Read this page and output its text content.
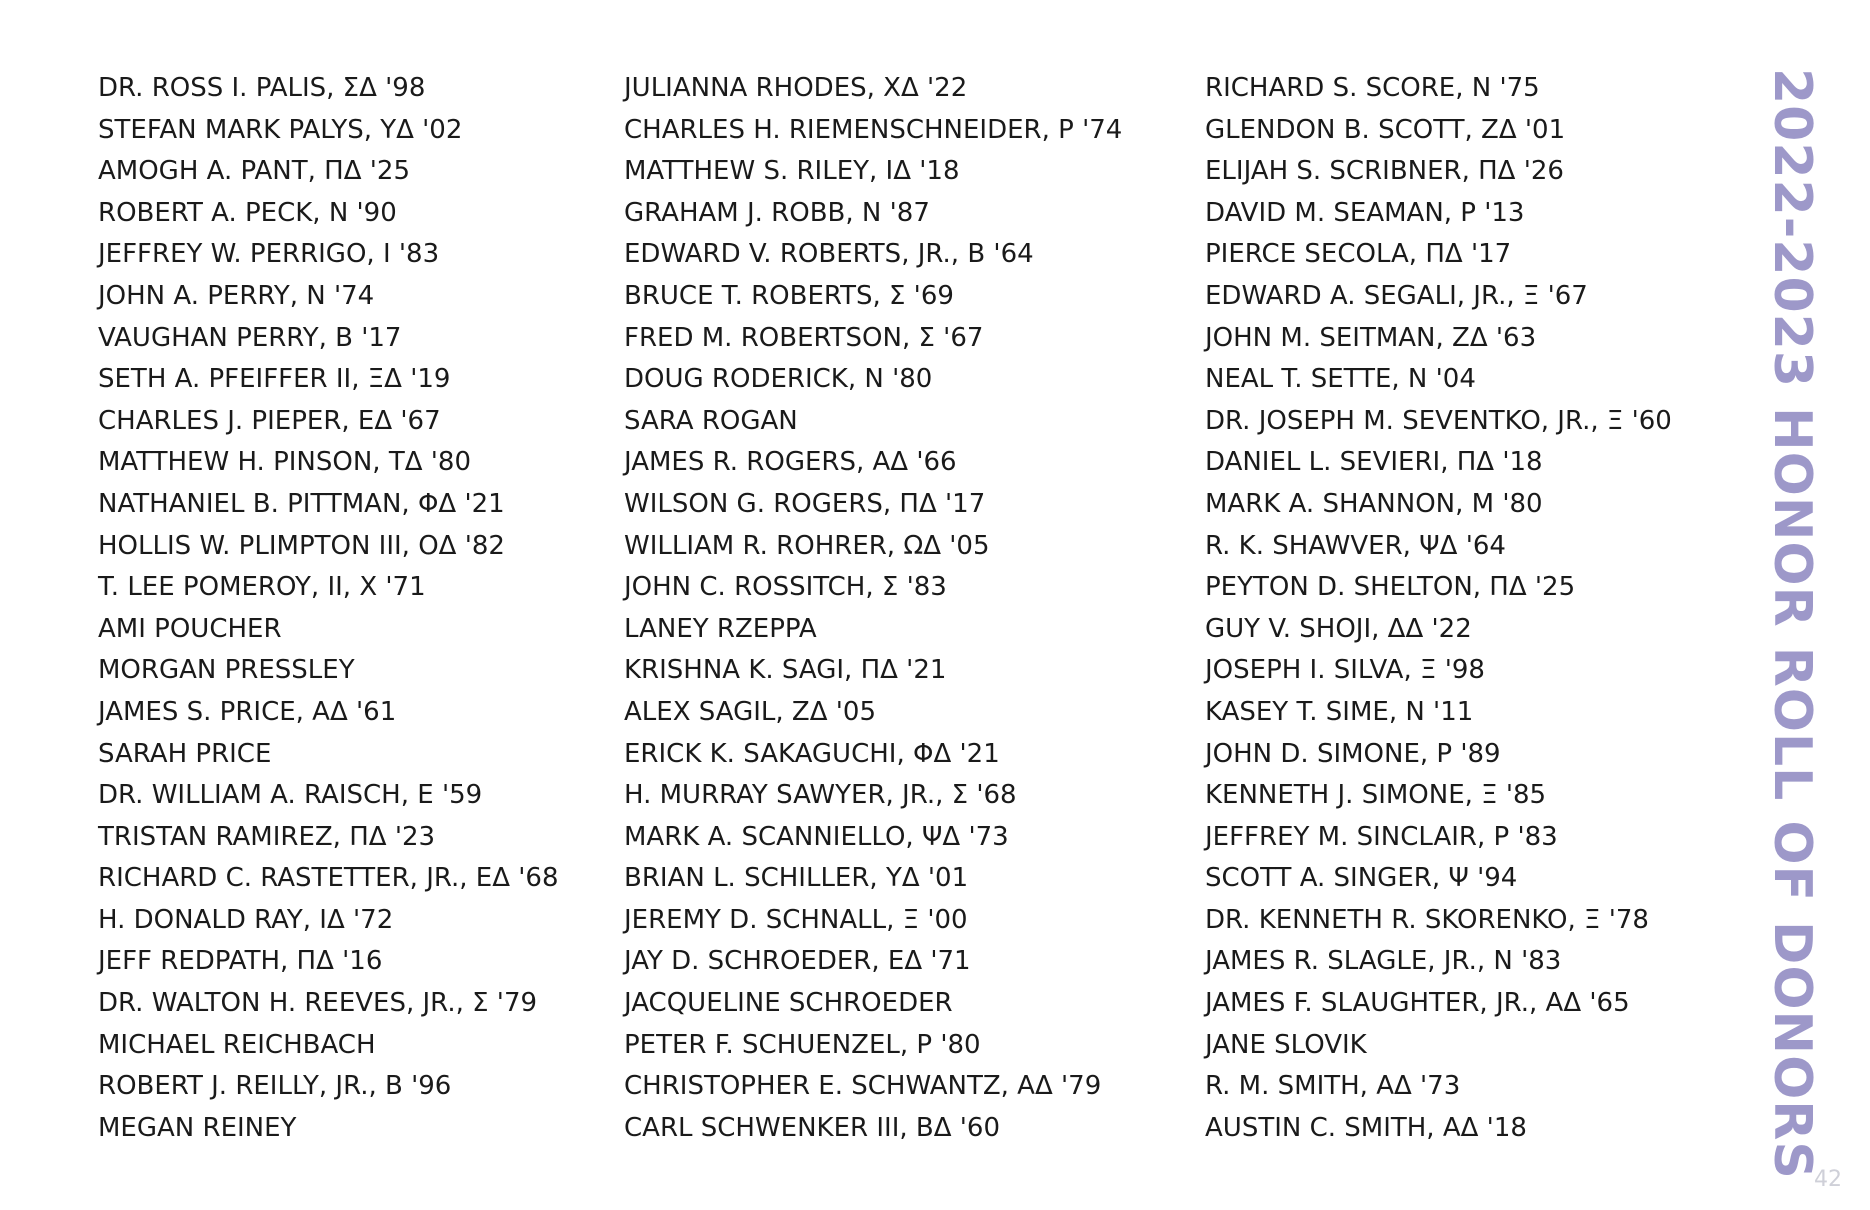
DR. ROSS I. PALIS, ΣΔ '98
STEFAN MARK PALYS, ΥΔ '02
AMOGH A. PANT, ΠΔ '25
ROBERT A. PECK, N '90
JEFFREY W. PERRIGO, I '83
JOHN A. PERRY, N '74
VAUGHAN PERRY, B '17
SETH A. PFEIFFER II, ΞΔ '19
CHARLES J. PIEPER, ΕΔ '67
MATTHEW H. PINSON, ΤΔ '80
NATHANIEL B. PITTMAN, ΦΔ '21
HOLLIS W. PLIMPTON III, ΟΔ '82
T. LEE POMEROY, II, X '71
AMI POUCHER
MORGAN PRESSLEY
JAMES S. PRICE, ΑΔ '61
SARAH PRICE
DR. WILLIAM A. RAISCH, E '59
TRISTAN RAMIREZ, ΠΔ '23
RICHARD C. RASTETTER, JR., ΕΔ '68
H. DONALD RAY, ΙΔ '72
JEFF REDPATH, ΠΔ '16
DR. WALTON H. REEVES, JR., Σ '79
MICHAEL REICHBACH
ROBERT J. REILLY, JR., B '96
MEGAN REINEY
JULIANNA RHODES, ΧΔ '22
CHARLES H. RIEMENSCHNEIDER, P '74
MATTHEW S. RILEY, ΙΔ '18
GRAHAM J. ROBB, N '87
EDWARD V. ROBERTS, JR., B '64
BRUCE T. ROBERTS, Σ '69
FRED M. ROBERTSON, Σ '67
DOUG RODERICK, N '80
SARA ROGAN
JAMES R. ROGERS, ΑΔ '66
WILSON G. ROGERS, ΠΔ '17
WILLIAM R. ROHRER, ΩΔ '05
JOHN C. ROSSITCH, Σ '83
LANEY RZEPPA
KRISHNA K. SAGI, ΠΔ '21
ALEX SAGIL, ΖΔ '05
ERICK K. SAKAGUCHI, ΦΔ '21
H. MURRAY SAWYER, JR., Σ '68
MARK A. SCANNIELLO, ΨΔ '73
BRIAN L. SCHILLER, ΥΔ '01
JEREMY D. SCHNALL, Ξ '00
JAY D. SCHROEDER, ΕΔ '71
JACQUELINE SCHROEDER
PETER F. SCHUENZEL, P '80
CHRISTOPHER E. SCHWANTZ, ΑΔ '79
CARL SCHWENKER III, ΒΔ '60
RICHARD S. SCORE, N '75
GLENDON B. SCOTT, ΖΔ '01
ELIJAH S. SCRIBNER, ΠΔ '26
DAVID M. SEAMAN, P '13
PIERCE SECOLA, ΠΔ '17
EDWARD A. SEGALI, JR., Ξ '67
JOHN M. SEITMAN, ΖΔ '63
NEAL T. SETTE, N '04
DR. JOSEPH M. SEVENTKO, JR., Ξ '60
DANIEL L. SEVIERI, ΠΔ '18
MARK A. SHANNON, M '80
R. K. SHAWVER, ΨΔ '64
PEYTON D. SHELTON, ΠΔ '25
GUY V. SHOJI, ΔΔ '22
JOSEPH I. SILVA, Ξ '98
KASEY T. SIME, N '11
JOHN D. SIMONE, P '89
KENNETH J. SIMONE, Ξ '85
JEFFREY M. SINCLAIR, P '83
SCOTT A. SINGER, Ψ '94
DR. KENNETH R. SKORENKO, Ξ '78
JAMES R. SLAGLE, JR., N '83
JAMES F. SLAUGHTER, JR., ΑΔ '65
JANE SLOVIK
R. M. SMITH, ΑΔ '73
AUSTIN C. SMITH, ΑΔ '18	2022-2023 HONOR ROLL OF DONORS
42
